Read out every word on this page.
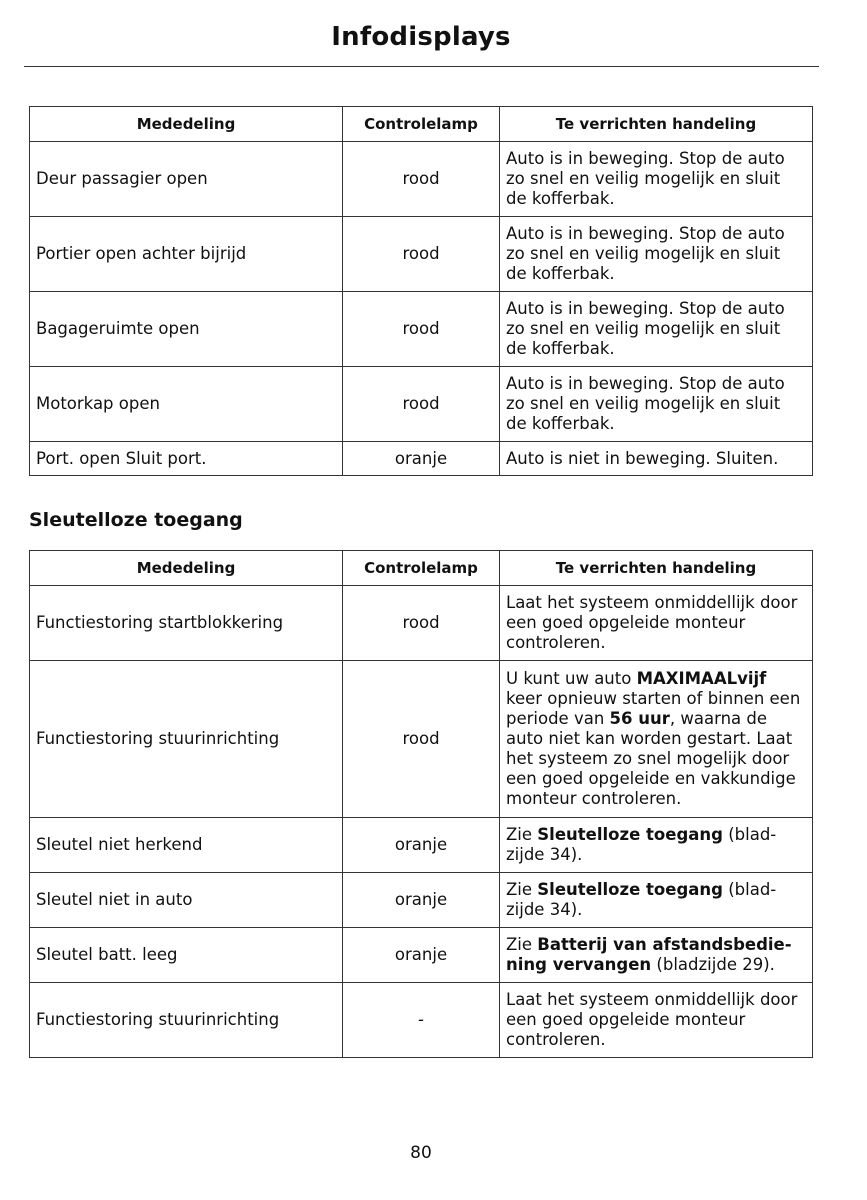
Infodisplays
Mededeling	Controlelamp	Te verrichten handeling
Deur passagier open	rood	Auto is in beweging. Stop de auto zo snel en veilig mogelijk en sluit de kofferbak.
Portier open achter bijrijd	rood	Auto is in beweging. Stop de auto zo snel en veilig mogelijk en sluit de kofferbak.
Bagageruimte open	rood	Auto is in beweging. Stop de auto zo snel en veilig mogelijk en sluit de kofferbak.
Motorkap open	rood	Auto is in beweging. Stop de auto zo snel en veilig mogelijk en sluit de kofferbak.
Port. open Sluit port.	oranje	Auto is niet in beweging. Sluiten.
Sleutelloze toegang
Mededeling	Controlelamp	Te verrichten handeling
Functiestoring startblokkering	rood	Laat het systeem onmiddellijk door een goed opgeleide monteur controleren.
Functiestoring stuurinrichting	rood	U kunt uw auto MAXIMAALvijf keer opnieuw starten of binnen een periode van 56 uur, waarna de auto niet kan worden gestart. Laat het systeem zo snel mogelijk door een goed opgeleide en vakkundige monteur controleren.
Sleutel niet herkend	oranje	Zie Sleutelloze toegang (blad-zijde 34).
Sleutel niet in auto	oranje	Zie Sleutelloze toegang (blad-zijde 34).
Sleutel batt. leeg	oranje	Zie Batterij van afstandsbedie-ning vervangen (bladzijde 29).
Functiestoring stuurinrichting	-	Laat het systeem onmiddellijk door een goed opgeleide monteur controleren.
80
